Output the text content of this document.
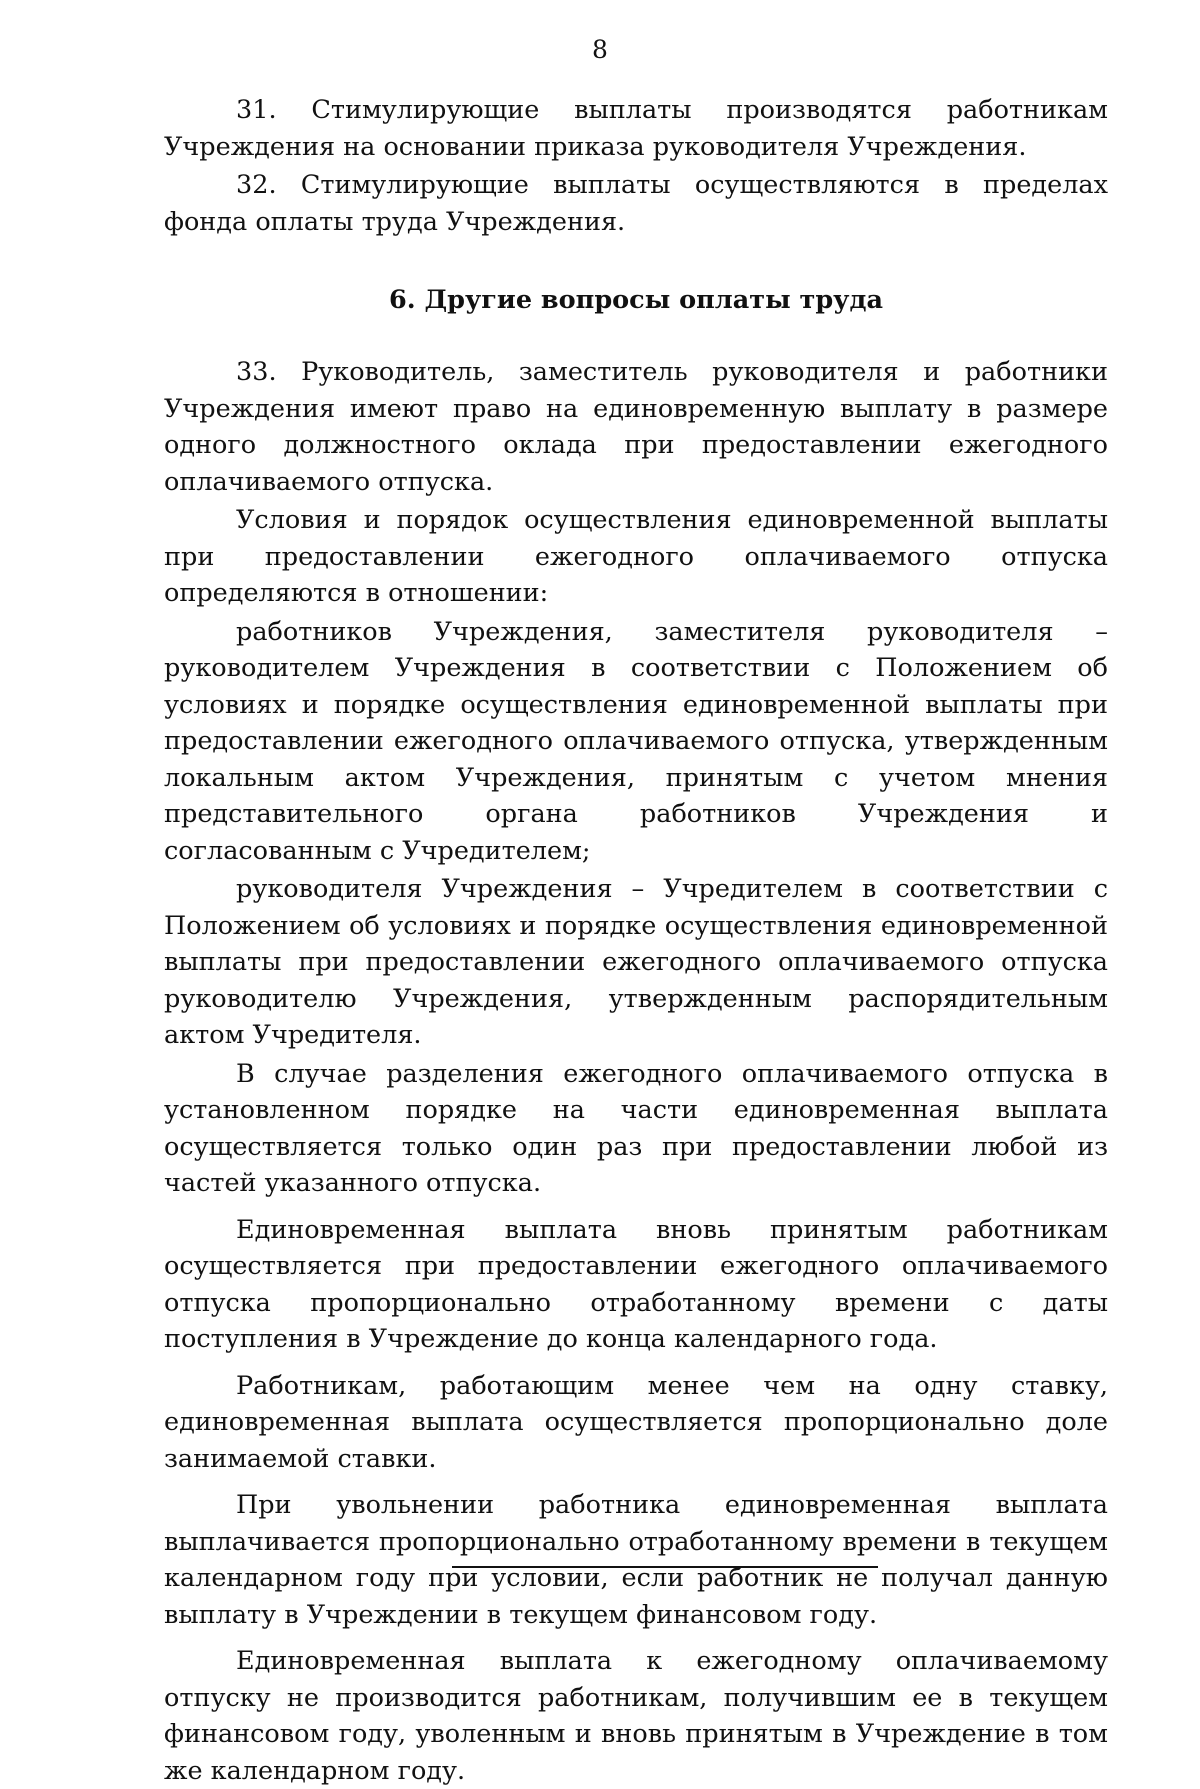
8

31. Стимулирующие выплаты производятся работникам Учреждения на основании приказа руководителя Учреждения.

32. Стимулирующие выплаты осуществляются в пределах фонда оплаты труда Учреждения.

6. Другие вопросы оплаты труда

33. Руководитель, заместитель руководителя и работники Учреждения имеют право на единовременную выплату в размере одного должностного оклада при предоставлении ежегодного оплачиваемого отпуска.

Условия и порядок осуществления единовременной выплаты при предоставлении ежегодного оплачиваемого отпуска определяются в отношении:

работников Учреждения, заместителя руководителя – руководителем Учреждения в соответствии с Положением об условиях и порядке осуществления единовременной выплаты при предоставлении ежегодного оплачиваемого отпуска, утвержденным локальным актом Учреждения, принятым с учетом мнения представительного органа работников Учреждения и согласованным с Учредителем;

руководителя Учреждения – Учредителем в соответствии с Положением об условиях и порядке осуществления единовременной выплаты при предоставлении ежегодного оплачиваемого отпуска руководителю Учреждения, утвержденным распорядительным актом Учредителя.

В случае разделения ежегодного оплачиваемого отпуска в установленном порядке на части единовременная выплата осуществляется только один раз при предоставлении любой из частей указанного отпуска.

Единовременная выплата вновь принятым работникам осуществляется при предоставлении ежегодного оплачиваемого отпуска пропорционально отработанному времени с даты поступления в Учреждение до конца календарного года.

Работникам, работающим менее чем на одну ставку, единовременная выплата осуществляется пропорционально доле занимаемой ставки.

При увольнении работника единовременная выплата выплачивается пропорционально отработанному времени в текущем календарном году при условии, если работник не получал данную выплату в Учреждении в текущем финансовом году.

Единовременная выплата к ежегодному оплачиваемому отпуску не производится работникам, получившим ее в текущем финансовом году, уволенным и вновь принятым в Учреждение в том же календарном году.
